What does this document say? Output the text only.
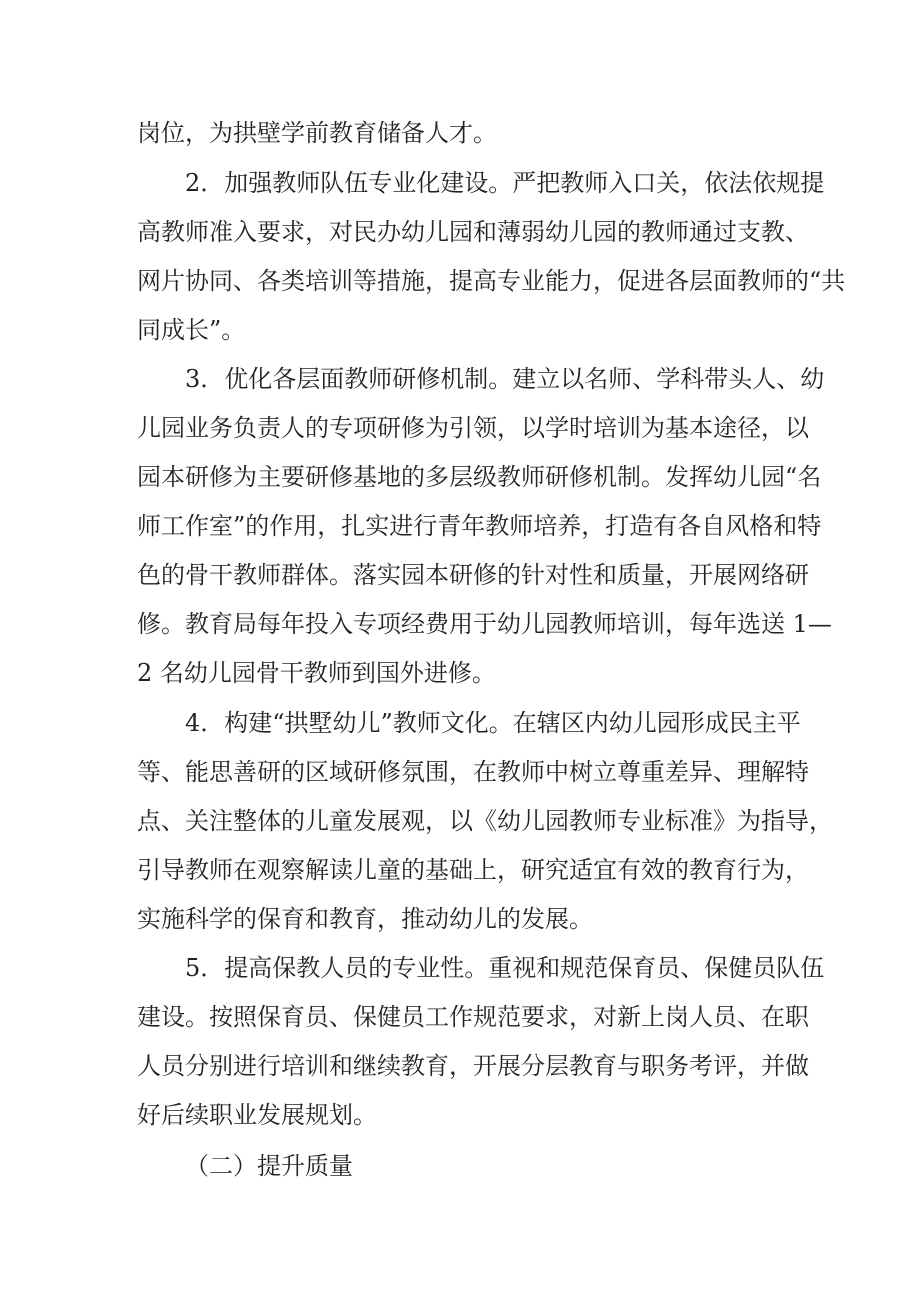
岗位，为拱壁学前教育储备人才。
2．加强教师队伍专业化建设。严把教师入口关，依法依规提
高教师准入要求，对民办幼儿园和薄弱幼儿园的教师通过支教、
网片协同、各类培训等措施，提高专业能力，促进各层面教师的“共
同成长”。
3．优化各层面教师研修机制。建立以名师、学科带头人、幼
儿园业务负责人的专项研修为引领，以学时培训为基本途径，以
园本研修为主要研修基地的多层级教师研修机制。发挥幼儿园“名
师工作室”的作用，扎实进行青年教师培养，打造有各自风格和特
色的骨干教师群体。落实园本研修的针对性和质量，开展网络研
修。教育局每年投入专项经费用于幼儿园教师培训，每年选送 1—
2 名幼儿园骨干教师到国外进修。
4．构建“拱墅幼儿”教师文化。在辖区内幼儿园形成民主平
等、能思善研的区域研修氛围，在教师中树立尊重差异、理解特
点、关注整体的儿童发展观，以《幼儿园教师专业标准》为指导，
引导教师在观察解读儿童的基础上，研究适宜有效的教育行为，
实施科学的保育和教育，推动幼儿的发展。
5．提高保教人员的专业性。重视和规范保育员、保健员队伍
建设。按照保育员、保健员工作规范要求，对新上岗人员、在职
人员分别进行培训和继续教育，开展分层教育与职务考评，并做
好后续职业发展规划。
（二）提升质量
